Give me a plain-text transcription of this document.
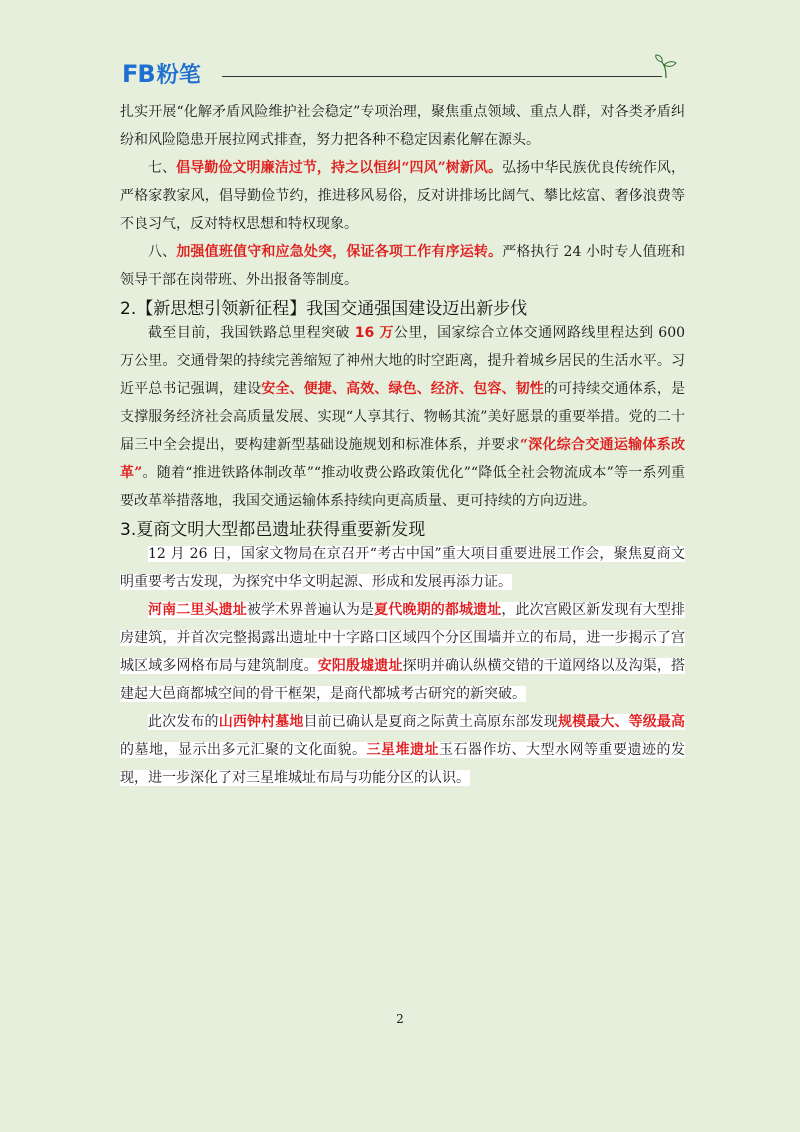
FB 粉笔

扎实开展“化解矛盾风险维护社会稳定”专项治理，聚焦重点领域、重点人群，对各类矛盾纠纷和风险隐患开展拉网式排查，努力把各种不稳定因素化解在源头。

七、倡导勤俭文明廉洁过节，持之以恒纠“四风”树新风。弘扬中华民族优良传统作风，严格家教家风，倡导勤俭节约，推进移风易俗，反对讲排场比阔气、攀比炫富、奢侈浪费等不良习气，反对特权思想和特权现象。

八、加强值班值守和应急处突，保证各项工作有序运转。严格执行 24 小时专人值班和领导干部在岗带班、外出报备等制度。

2.【新思想引领新征程】我国交通强国建设迈出新步伐

截至目前，我国铁路总里程突破 16 万公里，国家综合立体交通网路线里程达到 600 万公里。交通骨架的持续完善缩短了神州大地的时空距离，提升着城乡居民的生活水平。习近平总书记强调，建设安全、便捷、高效、绿色、经济、包容、韧性的可持续交通体系，是支撑服务经济社会高质量发展、实现“人享其行、物畅其流”美好愿景的重要举措。党的二十届三中全会提出，要构建新型基础设施规划和标准体系，并要求“深化综合交通运输体系改革”。随着“推进铁路体制改革”“推动收费公路政策优化”“降低全社会物流成本”等一系列重要改革举措落地，我国交通运输体系持续向更高质量、更可持续的方向迈进。

3.夏商文明大型都邑遗址获得重要新发现

12 月 26 日，国家文物局在京召开“考古中国”重大项目重要进展工作会，聚焦夏商文明重要考古发现，为探究中华文明起源、形成和发展再添力证。

河南二里头遗址被学术界普遍认为是夏代晚期的都城遗址，此次宫殿区新发现有大型排房建筑，并首次完整揭露出遗址中十字路口区域四个分区围墙并立的布局，进一步揭示了宫城区域多网格布局与建筑制度。安阳殷墟遗址探明并确认纵横交错的干道网络以及沟渠，搭建起大邑商都城空间的骨干框架，是商代都城考古研究的新突破。

此次发布的山西钟村墓地目前已确认是夏商之际黄土高原东部发现规模最大、等级最高的墓地，显示出多元汇聚的文化面貌。三星堆遗址玉石器作坊、大型水网等重要遗迹的发现，进一步深化了对三星堆城址布局与功能分区的认识。

2
